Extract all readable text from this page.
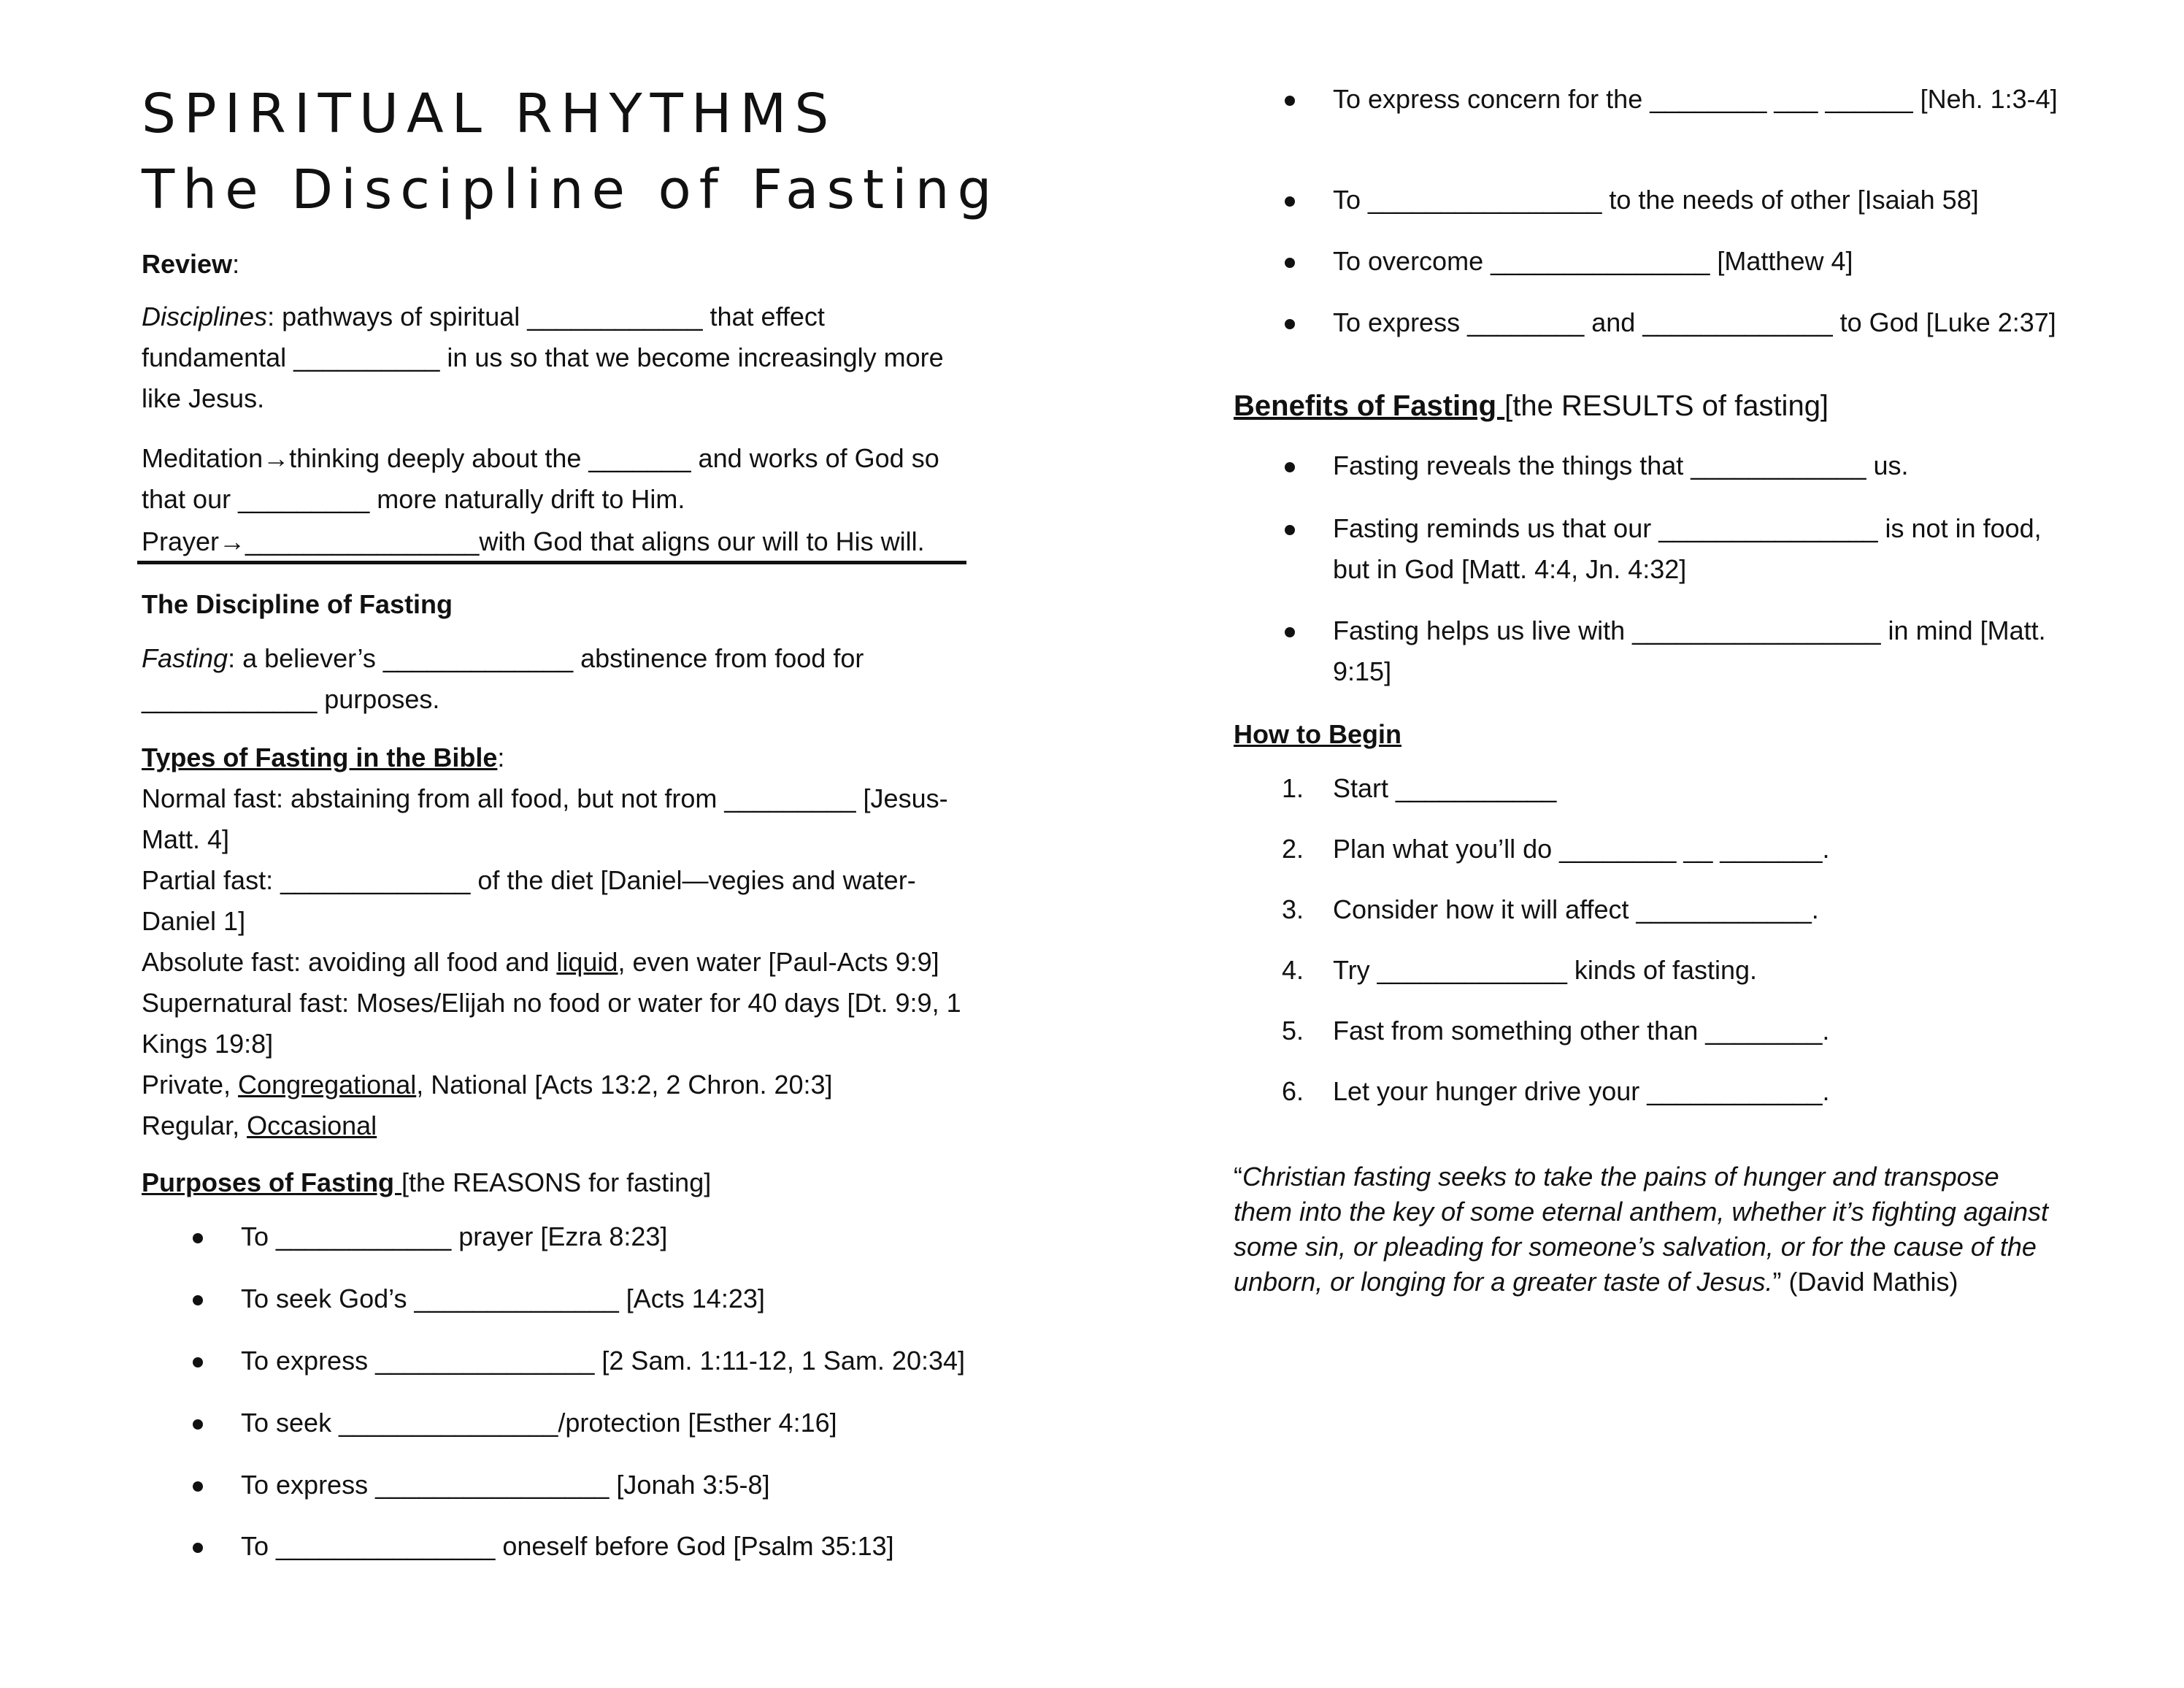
SPIRITUAL RHYTHMS
The Discipline of Fasting
Review:
Disciplines: pathways of spiritual ____________ that effect fundamental __________ in us so that we become increasingly more like Jesus.
Meditation→thinking deeply about the _______ and works of God so that our _________ more naturally drift to Him.
Prayer→________________with God that aligns our will to His will.
The Discipline of Fasting
Fasting: a believer’s _____________ abstinence from food for ____________ purposes.
Types of Fasting in the Bible:
Normal fast: abstaining from all food, but not from _________ [Jesus-Matt. 4]
Partial fast: _____________ of the diet [Daniel—vegies and water-Daniel 1]
Absolute fast: avoiding all food and liquid, even water [Paul-Acts 9:9]
Supernatural fast: Moses/Elijah no food or water for 40 days [Dt. 9:9, 1 Kings 19:8]
Private, Congregational, National [Acts 13:2, 2 Chron. 20:3]
Regular, Occasional
Purposes of Fasting [the REASONS for fasting]
To ____________ prayer [Ezra 8:23]
To seek God’s ______________ [Acts 14:23]
To express _______________ [2 Sam. 1:11-12, 1 Sam. 20:34]
To seek _______________/protection [Esther 4:16]
To express ________________ [Jonah 3:5-8]
To _______________ oneself before God [Psalm 35:13]
To express concern for the ________ ___ ______ [Neh. 1:3-4]
To ________________ to the needs of other [Isaiah 58]
To overcome _______________ [Matthew 4]
To express ________ and _____________ to God [Luke 2:37]
Benefits of Fasting [the RESULTS of fasting]
Fasting reveals the things that ____________ us.
Fasting reminds us that our _______________ is not in food, but in God [Matt. 4:4, Jn. 4:32]
Fasting helps us live with _________________ in mind [Matt. 9:15]
How to Begin
1. Start ___________
2. Plan what you’ll do ________ __ _______.
3. Consider how it will affect ____________.
4. Try _____________ kinds of fasting.
5. Fast from something other than ________.
6. Let your hunger drive your ____________.
“Christian fasting seeks to take the pains of hunger and transpose them into the key of some eternal anthem, whether it’s fighting against some sin, or pleading for someone’s salvation, or for the cause of the unborn, or longing for a greater taste of Jesus.” (David Mathis)
